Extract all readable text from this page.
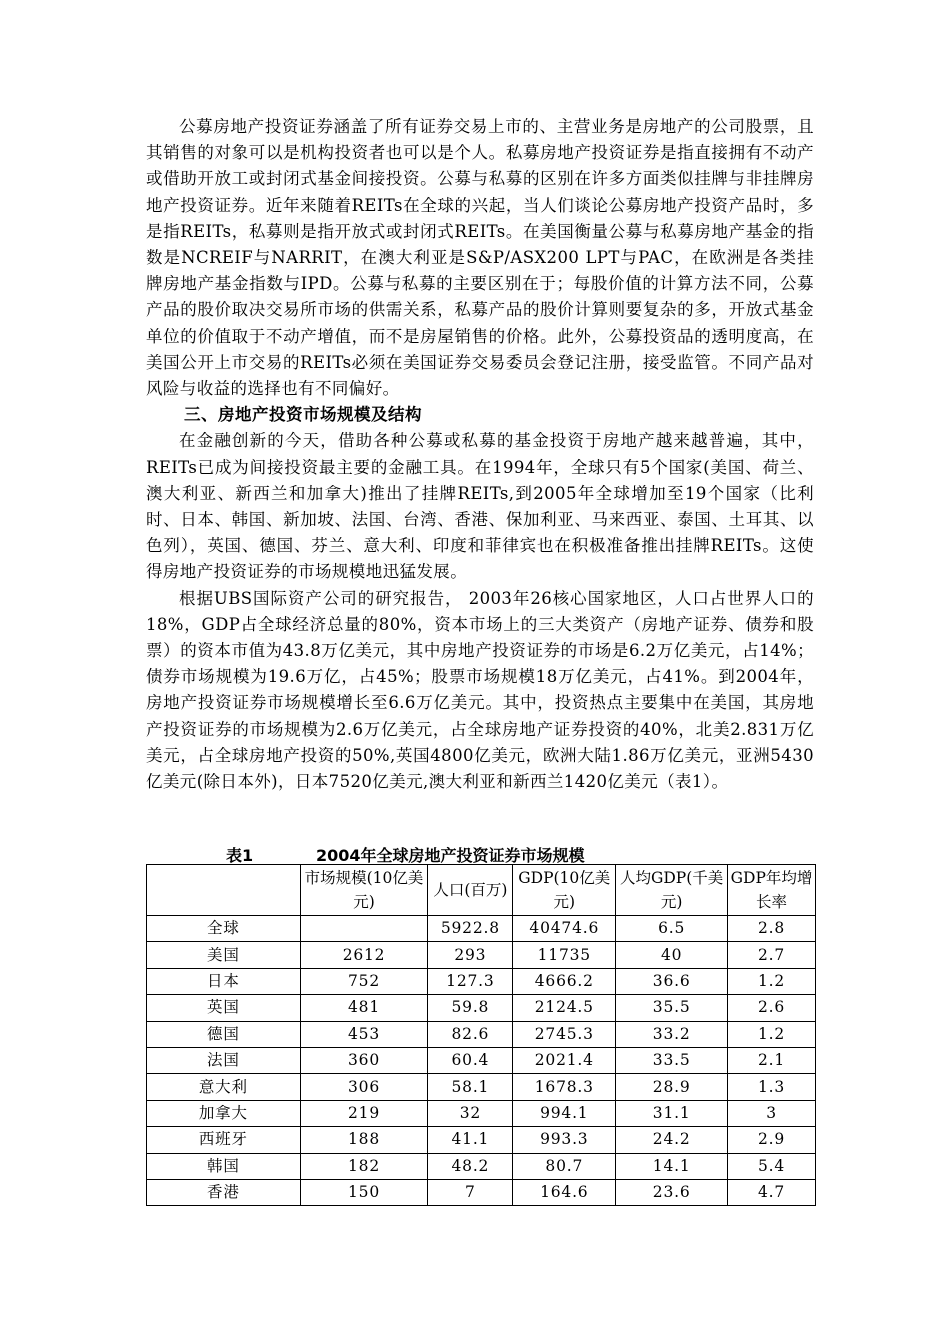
公募房地产投资证券涵盖了所有证券交易上市的、主营业务是房地产的公司股票，且其销售的对象可以是机构投资者也可以是个人。私募房地产投资证券是指直接拥有不动产或借助开放工或封闭式基金间接投资。公募与私募的区别在许多方面类似挂牌与非挂牌房地产投资证券。近年来随着REITs在全球的兴起，当人们谈论公募房地产投资产品时，多是指REITs，私募则是指开放式或封闭式REITs。在美国衡量公募与私募房地产基金的指数是NCREIF与NARRIT，在澳大利亚是S&P/ASX200 LPT与PAC，在欧洲是各类挂牌房地产基金指数与IPD。公募与私募的主要区别在于；每股价值的计算方法不同，公募产品的股价取决交易所市场的供需关系，私募产品的股价计算则要复杂的多，开放式基金单位的价值取于不动产增值，而不是房屋销售的价格。此外，公募投资品的透明度高，在美国公开上市交易的REITs必须在美国证券交易委员会登记注册，接受监管。不同产品对风险与收益的选择也有不同偏好。

三、房地产投资市场规模及结构

在金融创新的今天，借助各种公募或私募的基金投资于房地产越来越普遍，其中，REITs已成为间接投资最主要的金融工具。在1994年，全球只有5个国家(美国、荷兰、澳大利亚、新西兰和加拿大)推出了挂牌REITs,到2005年全球增加至19个国家（比利时、日本、韩国、新加坡、法国、台湾、香港、保加利亚、马来西亚、泰国、土耳其、以色列），英国、德国、芬兰、意大利、印度和菲律宾也在积极准备推出挂牌REITs。这使得房地产投资证券的市场规模地迅猛发展。

根据UBS国际资产公司的研究报告， 2003年26核心国家地区，人口占世界人口的18%，GDP占全球经济总量的80%，资本市场上的三大类资产（房地产证券、债券和股票）的资本市值为43.8万亿美元，其中房地产投资证券的市场是6.2万亿美元，占14%；债券市场规模为19.6万亿，占45%；股票市场规模18万亿美元，占41%。到2004年，房地产投资证券市场规模增长至6.6万亿美元。其中，投资热点主要集中在美国，其房地产投资证券的市场规模为2.6万亿美元，占全球房地产证券投资的40%，北美2.831万亿美元，占全球房地产投资的50%,英国4800亿美元，欧洲大陆1.86万亿美元，亚洲5430亿美元(除日本外)，日本7520亿美元,澳大利亚和新西兰1420亿美元（表1）。

表1	2004年全球房地产投资证券市场规模
	市场规模(10亿美元)	人口(百万)	GDP(10亿美元)	人均GDP(千美元)	GDP年均增长率
全球		5922.8	40474.6	6.5	2.8
美国	2612	293	11735	40	2.7
日本	752	127.3	4666.2	36.6	1.2
英国	481	59.8	2124.5	35.5	2.6
德国	453	82.6	2745.3	33.2	1.2
法国	360	60.4	2021.4	33.5	2.1
意大利	306	58.1	1678.3	28.9	1.3
加拿大	219	32	994.1	31.1	3
西班牙	188	41.1	993.3	24.2	2.9
韩国	182	48.2	80.7	14.1	5.4
香港	150	7	164.6	23.6	4.7
